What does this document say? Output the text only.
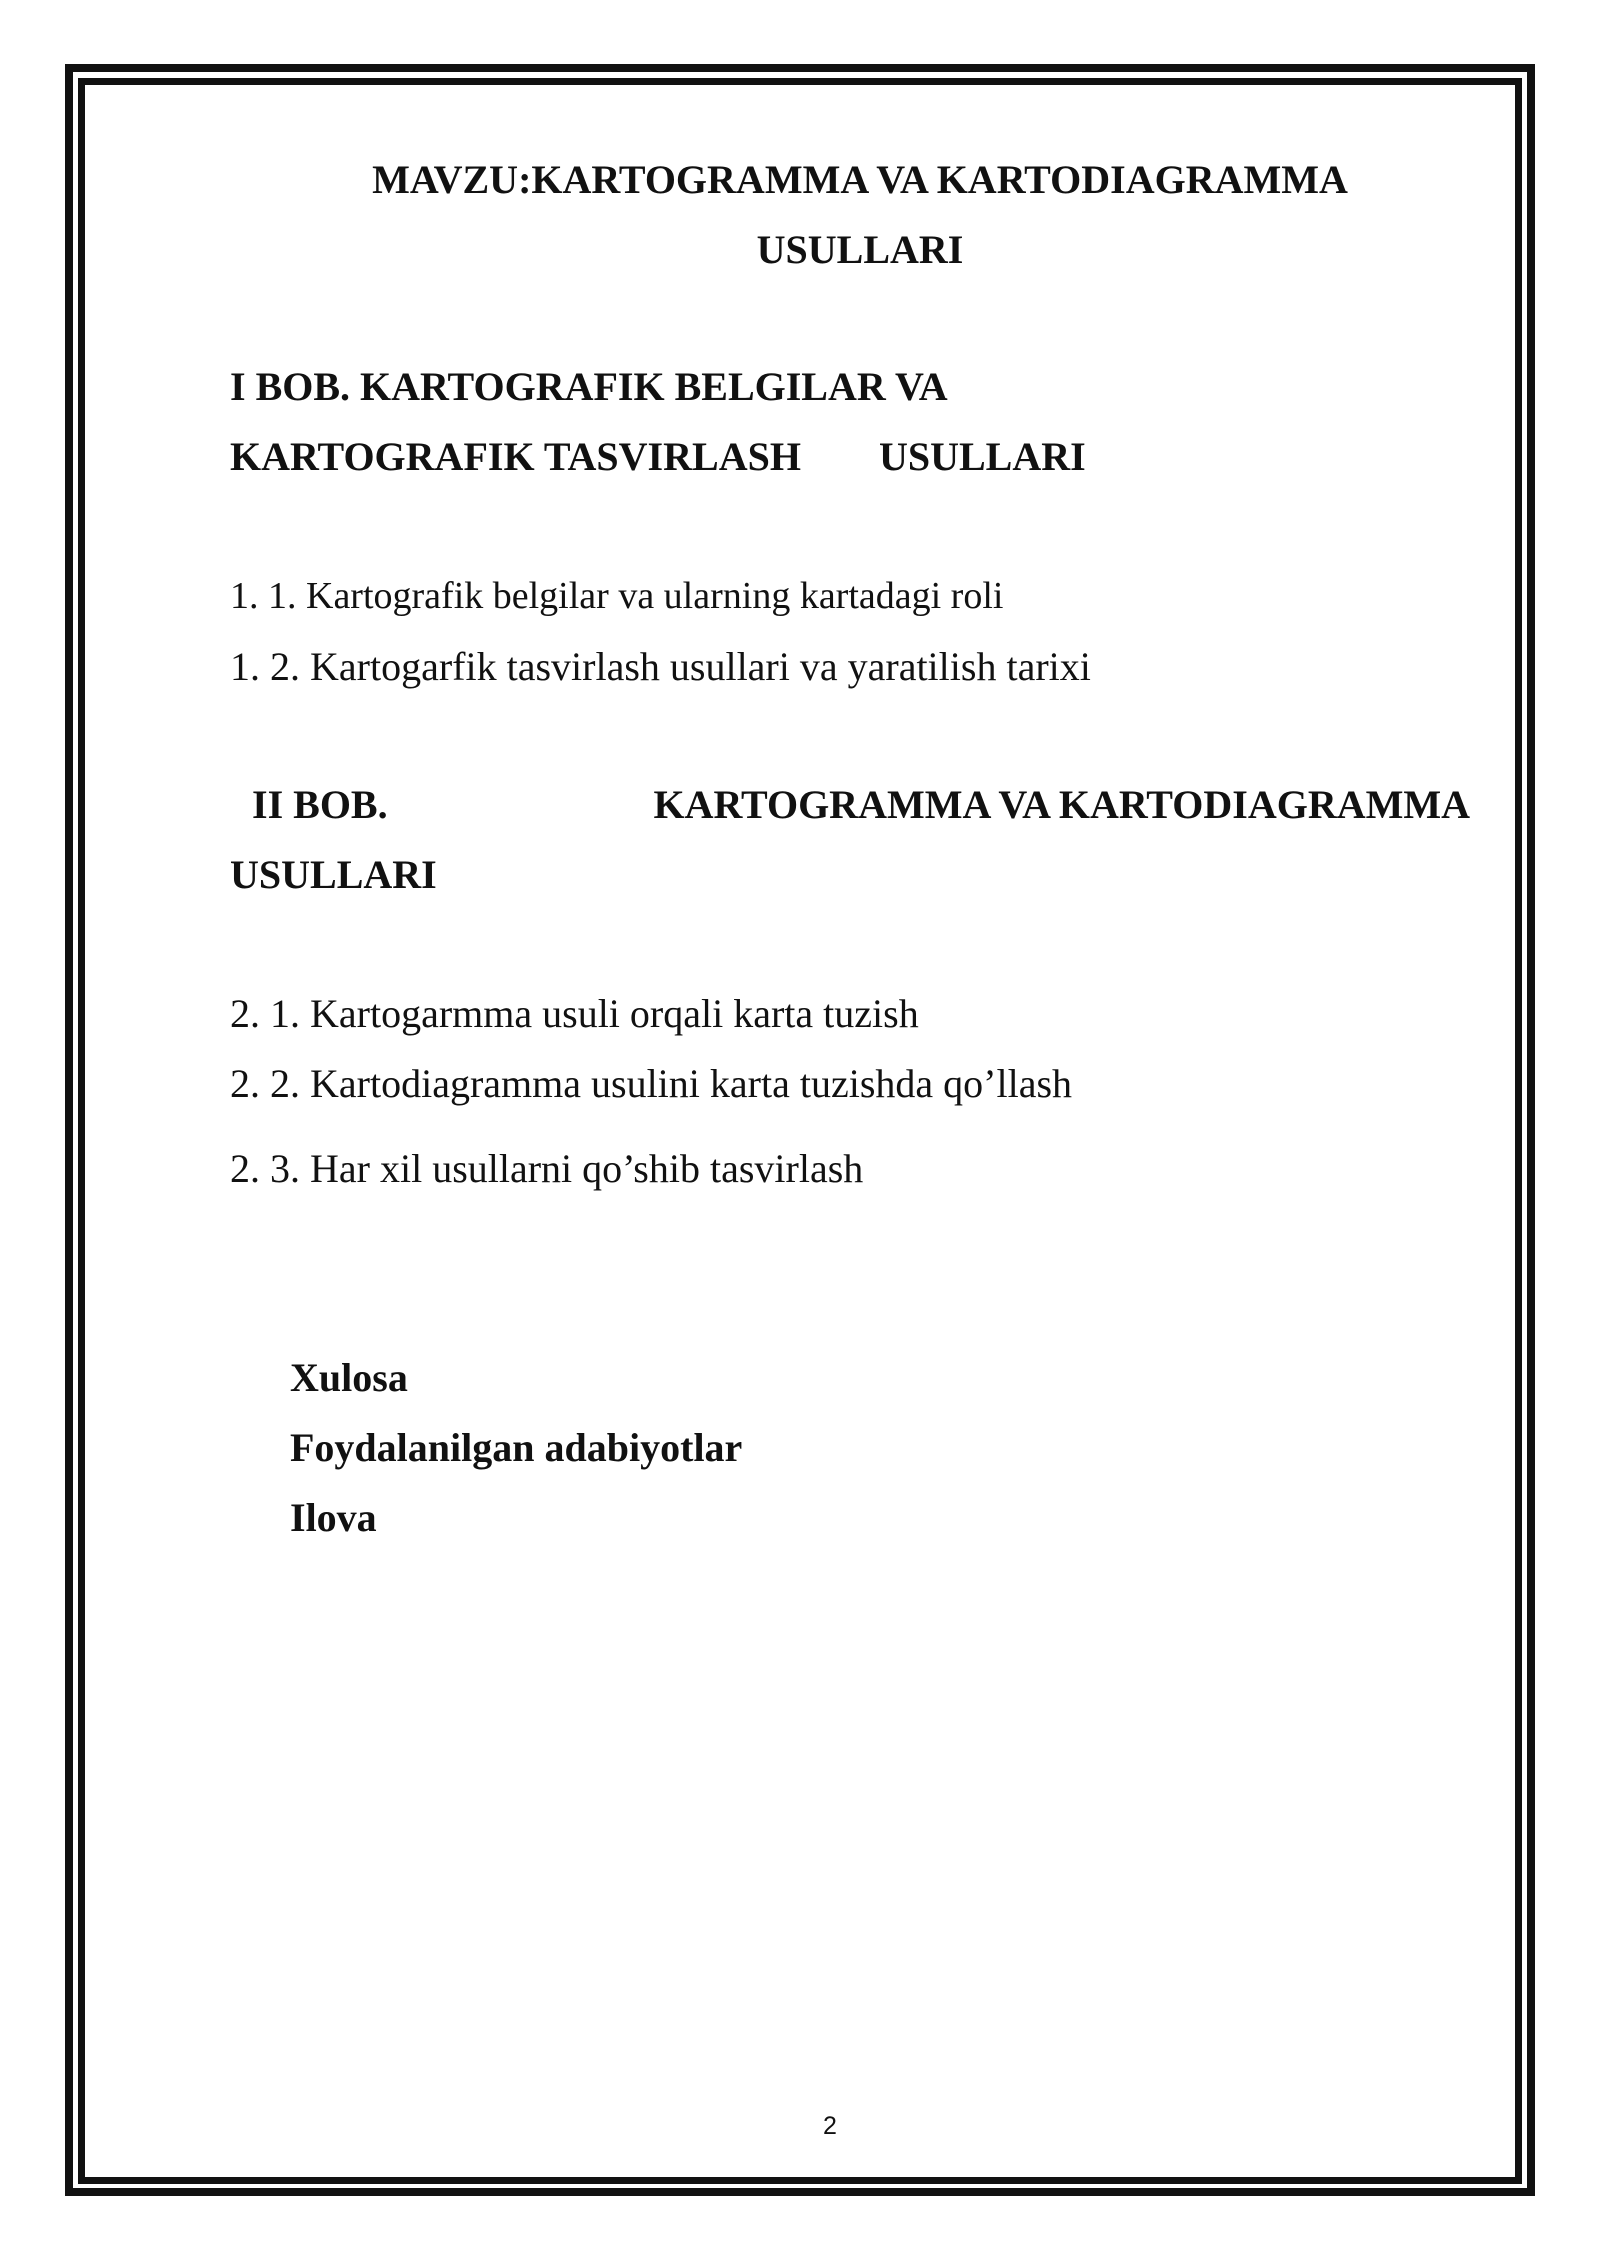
MAVZU:KARTOGRAMMA VA KARTODIAGRAMMA
USULLARI
I BOB. KARTOGRAFIK BELGILAR VA
KARTOGRAFIK TASVIRLASH USULLARI
1. 1. Kartografik belgilar va ularning kartadagi roli
1. 2. Kartogarfik tasvirlash usullari va yaratilish tarixi
II BOB.	KARTOGRAMMA VA KARTODIAGRAMMA
USULLARI
2. 1. Kartogarmma usuli orqali karta tuzish
2. 2. Kartodiagramma usulini karta tuzishda qo’llash
2. 3. Har xil usullarni qo’shib tasvirlash
Xulosa
Foydalanilgan adabiyotlar
Ilova
2
